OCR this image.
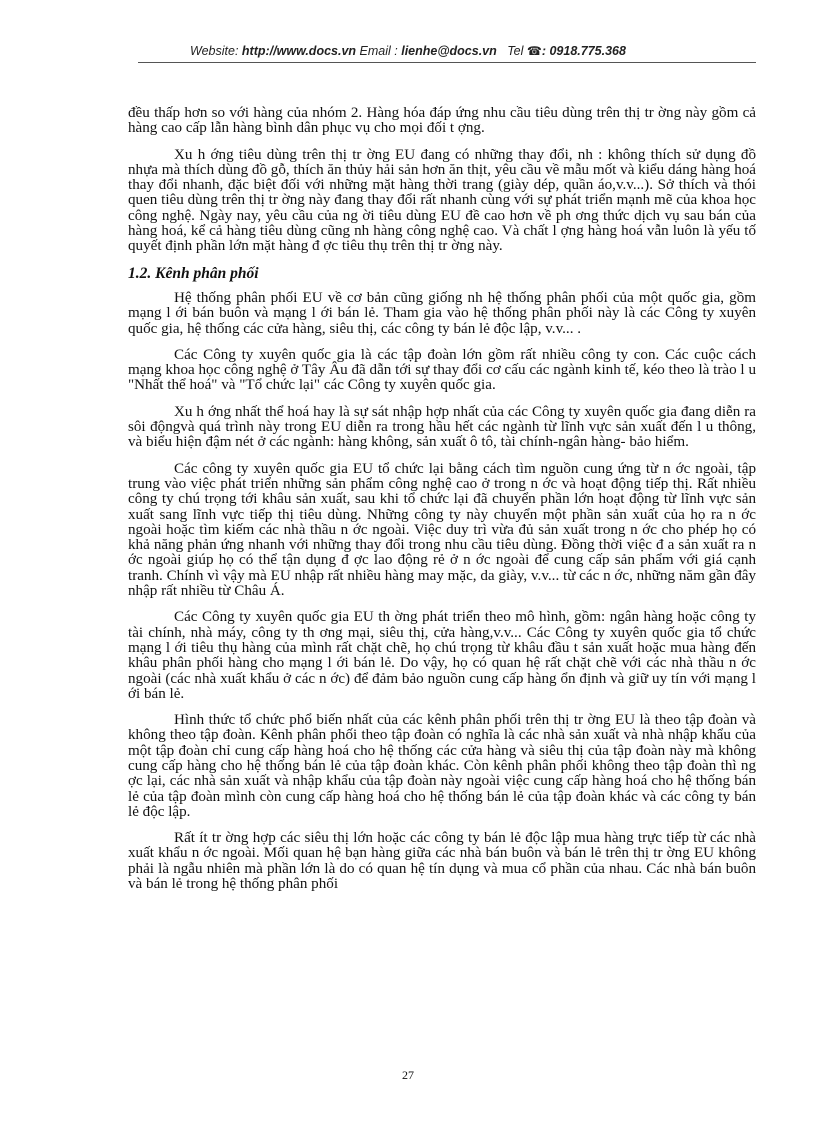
Website: http://www.docs.vn Email : lienhe@docs.vn Tel ☎: 0918.775.368

đều thấp hơn so với hàng của nhóm 2. Hàng hóa đáp ứng nhu cầu tiêu dùng trên thị tr ờng này gồm cả hàng cao cấp lẫn hàng bình dân phục vụ cho mọi đối t ợng.

Xu h ớng tiêu dùng trên thị tr ờng EU đang có những thay đổi, nh : không thích sử dụng đồ nhựa mà thích dùng đồ gỗ, thích ăn thủy hải sản hơn ăn thịt, yêu cầu về mẫu mốt và kiểu dáng hàng hoá thay đổi nhanh, đặc biệt đối với những mặt hàng thời trang (giày dép, quần áo,v.v...). Sở thích và thói quen tiêu dùng trên thị tr ờng này đang thay đổi rất nhanh cùng với sự phát triển mạnh mẽ của khoa học công nghệ. Ngày nay, yêu cầu của ng ời tiêu dùng EU đề cao hơn về ph ơng thức dịch vụ sau bán của hàng hoá, kể cả hàng tiêu dùng cũng nh hàng công nghệ cao. Và chất l ợng hàng hoá vẫn luôn là yếu tố quyết định phần lớn mặt hàng đ ợc tiêu thụ trên thị tr ờng này.

1.2. Kênh phân phối

Hệ thống phân phối EU về cơ bản cũng giống nh hệ thống phân phối của một quốc gia, gồm mạng l ới bán buôn và mạng l ới bán lẻ. Tham gia vào hệ thống phân phối này là các Công ty xuyên quốc gia, hệ thống các cửa hàng, siêu thị, các công ty bán lẻ độc lập, v.v... .

Các Công ty xuyên quốc gia là các tập đoàn lớn gồm rất nhiều công ty con. Các cuộc cách mạng khoa học công nghệ ở Tây Âu đã dẫn tới sự thay đổi cơ cấu các ngành kinh tế, kéo theo là trào l u "Nhất thể hoá" và "Tổ chức lại" các Công ty xuyên quốc gia.

Xu h ớng nhất thể hoá hay là sự sát nhập hợp nhất của các Công ty xuyên quốc gia đang diễn ra sôi độngvà quá trình này trong EU diễn ra trong hầu hết các ngành từ lĩnh vực sản xuất đến l u thông, và biểu hiện đậm nét ở các ngành: hàng không, sản xuất ô tô, tài chính-ngân hàng- bảo hiểm.

Các công ty xuyên quốc gia EU tổ chức lại bằng cách tìm nguồn cung ứng từ n ớc ngoài, tập trung vào việc phát triển những sản phẩm công nghệ cao ở trong n ớc và hoạt động tiếp thị. Rất nhiều công ty chú trọng tới khâu sản xuất, sau khi tổ chức lại đã chuyển phần lớn hoạt động từ lĩnh vực sản xuất sang lĩnh vực tiếp thị tiêu dùng. Những công ty này chuyển một phần sản xuất của họ ra n ớc ngoài hoặc tìm kiếm các nhà thầu n ớc ngoài. Việc duy trì vừa đủ sản xuất trong n ớc cho phép họ có khả năng phản ứng nhanh với những thay đổi trong nhu cầu tiêu dùng. Đồng thời việc đ a sản xuất ra n ớc ngoài giúp họ có thể tận dụng đ ợc lao động rẻ ở n ớc ngoài để cung cấp sản phẩm với giá cạnh tranh. Chính vì vậy mà EU nhập rất nhiều hàng may mặc, da giày, v.v... từ các n ớc, những năm gần đây nhập rất nhiều từ Châu Á.

Các Công ty xuyên quốc gia EU th ờng phát triển theo mô hình, gồm: ngân hàng hoặc công ty tài chính, nhà máy, công ty th ơng mại, siêu thị, cửa hàng,v.v... Các Công ty xuyên quốc gia tổ chức mạng l ới tiêu thụ hàng của mình rất chặt chẽ, họ chú trọng từ khâu đầu t sản xuất hoặc mua hàng đến khâu phân phối hàng cho mạng l ới bán lẻ. Do vậy, họ có quan hệ rất chặt chẽ với các nhà thầu n ớc ngoài (các nhà xuất khẩu ở các n ớc) để đảm bảo nguồn cung cấp hàng ổn định và giữ uy tín với mạng l ới bán lẻ.

Hình thức tổ chức phổ biến nhất của các kênh phân phối trên thị tr ờng EU là theo tập đoàn và không theo tập đoàn. Kênh phân phối theo tập đoàn có nghĩa là các nhà sản xuất và nhà nhập khẩu của một tập đoàn chỉ cung cấp hàng hoá cho hệ thống các cửa hàng và siêu thị của tập đoàn này mà không cung cấp hàng cho hệ thống bán lẻ của tập đoàn khác. Còn kênh phân phối không theo tập đoàn thì ng ợc lại, các nhà sản xuất và nhập khẩu của tập đoàn này ngoài việc cung cấp hàng hoá cho hệ thống bán lẻ của tập đoàn mình còn cung cấp hàng hoá cho hệ thống bán lẻ của tập đoàn khác và các công ty bán lẻ độc lập.

Rất ít tr ờng hợp các siêu thị lớn hoặc các công ty bán lẻ độc lập mua hàng trực tiếp từ các nhà xuất khẩu n ớc ngoài. Mối quan hệ bạn hàng giữa các nhà bán buôn và bán lẻ trên thị tr ờng EU không phải là ngẫu nhiên mà phần lớn là do có quan hệ tín dụng và mua cổ phần của nhau. Các nhà bán buôn và bán lẻ trong hệ thống phân phối

27
